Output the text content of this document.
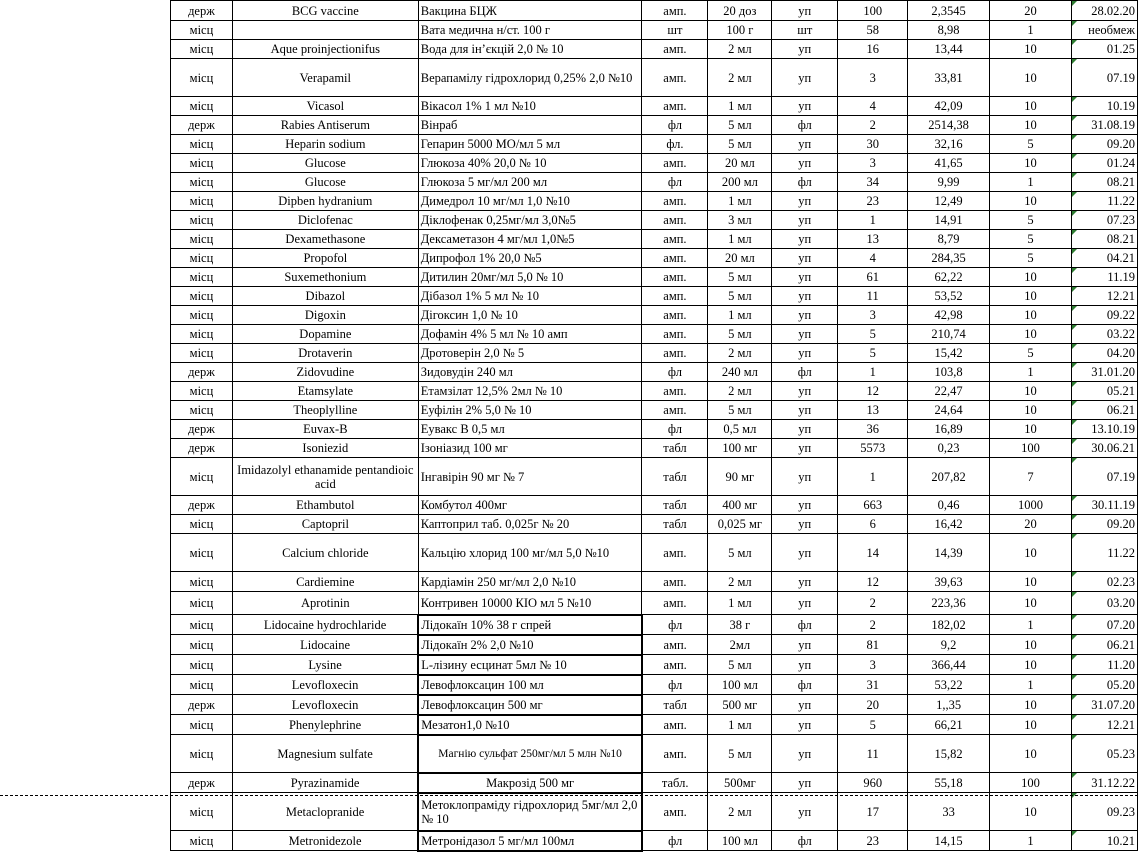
держ	BCG vaccine	Вакцина БЦЖ	амп.	20 доз	уп	100	2,3545	20	28.02.20
місц		Вата медична н/ст. 100 г	шт	100 г	шт	58	8,98	1	необмеж
місц	Aque proinjectionifus	Вода для ін’єкцій 2,0 № 10	амп.	2 мл	уп	16	13,44	10	01.25
місц	Verapamil	Верапамілу гідрохлорид 0,25% 2,0 №10	амп.	2 мл	уп	3	33,81	10	07.19
місц	Vicasol	Вікасол 1% 1 мл №10	амп.	1 мл	уп	4	42,09	10	10.19
держ	Rabies Antiserum	Вінраб	фл	5 мл	фл	2	2514,38	10	31.08.19
місц	Heparin sodium	Гепарин 5000 МО/мл 5 мл	фл.	5 мл	уп	30	32,16	5	09.20
місц	Glucose	Глюкоза 40% 20,0 № 10	амп.	20 мл	уп	3	41,65	10	01.24
місц	Glucose	Глюкоза 5 мг/мл 200 мл	фл	200 мл	фл	34	9,99	1	08.21
місц	Dipben hydranium	Димедрол 10 мг/мл 1,0 №10	амп.	1 мл	уп	23	12,49	10	11.22
місц	Diclofenac	Діклофенак 0,25мг/мл 3,0№5	амп.	3 мл	уп	1	14,91	5	07.23
місц	Dexamethasone	Дексаметазон 4 мг/мл 1,0№5	амп.	1 мл	уп	13	8,79	5	08.21
місц	Propofol	Дипрофол 1% 20,0 №5	амп.	20 мл	уп	4	284,35	5	04.21
місц	Suxemethonium	Дитилин 20мг/мл 5,0 № 10	амп.	5 мл	уп	61	62,22	10	11.19
місц	Dibazol	Дібазол 1% 5 мл № 10	амп.	5 мл	уп	11	53,52	10	12.21
місц	Digoxin	Дігоксин 1,0 № 10	амп.	1 мл	уп	3	42,98	10	09.22
місц	Dopamine	Дофамін 4% 5 мл № 10 амп	амп.	5 мл	уп	5	210,74	10	03.22
місц	Drotaverin	Дротоверін 2,0 № 5	амп.	2 мл	уп	5	15,42	5	04.20
держ	Zidovudine	Зидовудін 240 мл	фл	240 мл	фл	1	103,8	1	31.01.20
місц	Etamsylate	Етамзілат 12,5% 2мл № 10	амп.	2 мл	уп	12	22,47	10	05.21
місц	Theoplylline	Еуфілін 2% 5,0 № 10	амп.	5 мл	уп	13	24,64	10	06.21
держ	Euvax-B	Еувакс В 0,5 мл	фл	0,5 мл	уп	36	16,89	10	13.10.19
держ	Isoniezid	Ізоніазид 100 мг	табл	100 мг	уп	5573	0,23	100	30.06.21
місц	Imidazolyl ethanamide pentandioic acid	Інгавірін 90 мг № 7	табл	90 мг	уп	1	207,82	7	07.19
держ	Ethambutol	Комбутол 400мг	табл	400 мг	уп	663	0,46	1000	30.11.19
місц	Captopril	Каптоприл таб. 0,025г № 20	табл	0,025 мг	уп	6	16,42	20	09.20
місц	Calcium chloride	Кальцію хлорид 100 мг/мл 5,0 №10	амп.	5 мл	уп	14	14,39	10	11.22
місц	Cardiemine	Кардіамін 250 мг/мл 2,0 №10	амп.	2 мл	уп	12	39,63	10	02.23
місц	Aprotinin	Контривен 10000 КІО мл 5 №10	амп.	1 мл	уп	2	223,36	10	03.20
місц	Lidocaine hydrochlaride	Лідокаїн 10% 38 г спрей	фл	38 г	фл	2	182,02	1	07.20
місц	Lidocaine	Лідокаїн 2% 2,0 №10	амп.	2мл	уп	81	9,2	10	06.21
місц	Lysine	L-лізину есцинат 5мл № 10	амп.	5 мл	уп	3	366,44	10	11.20
місц	Levofloxecin	Левофлоксацин 100 мл	фл	100 мл	фл	31	53,22	1	05.20
держ	Levofloxecin	Левофлоксацин 500 мг	табл	500 мг	уп	20	1,,35	10	31.07.20
місц	Phenylephrine	Мезатон1,0 №10	амп.	1 мл	уп	5	66,21	10	12.21
місц	Magnesium sulfate	Магнію сульфат 250мг/мл 5 млн №10	амп.	5 мл	уп	11	15,82	10	05.23
держ	Pyrazinamide	Макрозід 500 мг	табл.	500мг	уп	960	55,18	100	31.12.22
місц	Metaclopranide	Метоклопраміду гідрохлорид 5мг/мл 2,0 № 10	амп.	2 мл	уп	17	33	10	09.23
місц	Metronidezole	Метронідазол 5 мг/мл 100мл	фл	100 мл	фл	23	14,15	1	10.21
